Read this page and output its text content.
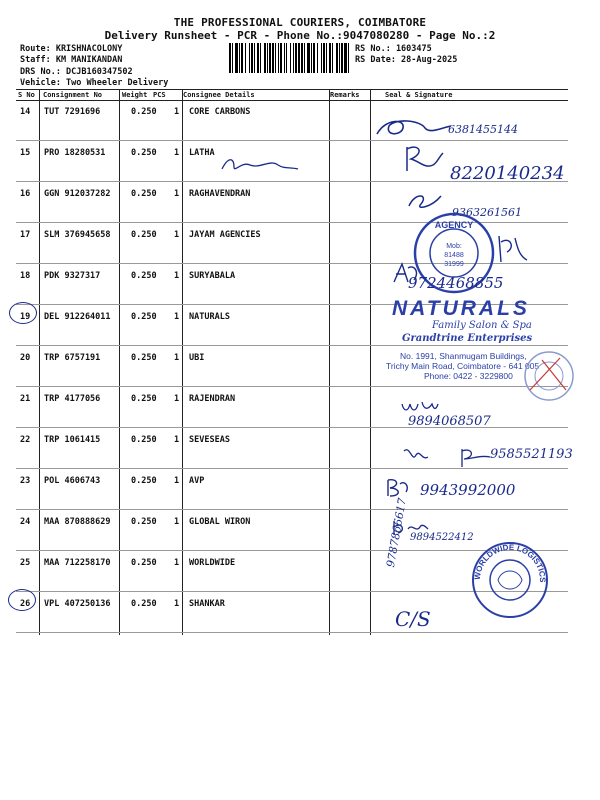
THE PROFESSIONAL COURIERS, COIMBATORE
Delivery Runsheet - PCR - Phone No.:9047080280 - Page No.:2
Route: KRISHNACOLONY
Staff: KM MANIKANDAN
DRS No.: DCJB160347502
Vehicle: Two Wheeler Delivery
RS No.: 1603475
RS Date: 28-Aug-2025
S No Consignment No	Weight PCS Consignee Details	Remarks	Seal & Signature
14 TUT 7291696	0.250 1 CORE CARBONS
15 PRO 18280531	0.250 1 LATHA
16 GGN 912037282 0.250 1 RAGHAVENDRAN
17 SLM 376945658 0.250 1 JAYAM AGENCIES
18 PDK 9327317	0.250 1 SURYABALA
19 DEL 912264011 0.250 1 NATURALS
20 TRP 6757191	0.250 1 UBI
21 TRP 4177056	0.250 1 RAJENDRAN
22 TRP 1061415	0.250 1 SEVESEAS
23 POL 4606743	0.250 1 AVP
24 MAA 870888629 0.250 1 GLOBAL WIRON
25 MAA 712258170 0.250 1 WORLDWIDE
26 VPL 407250136 0.250 1 SHANKAR
6381455144
8220140234
9363261561
AGENCY
Mob:
81488
31999
9724468855
NATURALS
Family Salon & Spa
Grandtrine Enterprises
No. 1991, Shanmugam Buildings,
Trichy Main Road, Coimbatore - 641 005
Phone: 0422 - 3229800
9894068507
9585521193
9943992000
9894522412
WORLDWIDE LOGISTICS
9787866617
C/S
